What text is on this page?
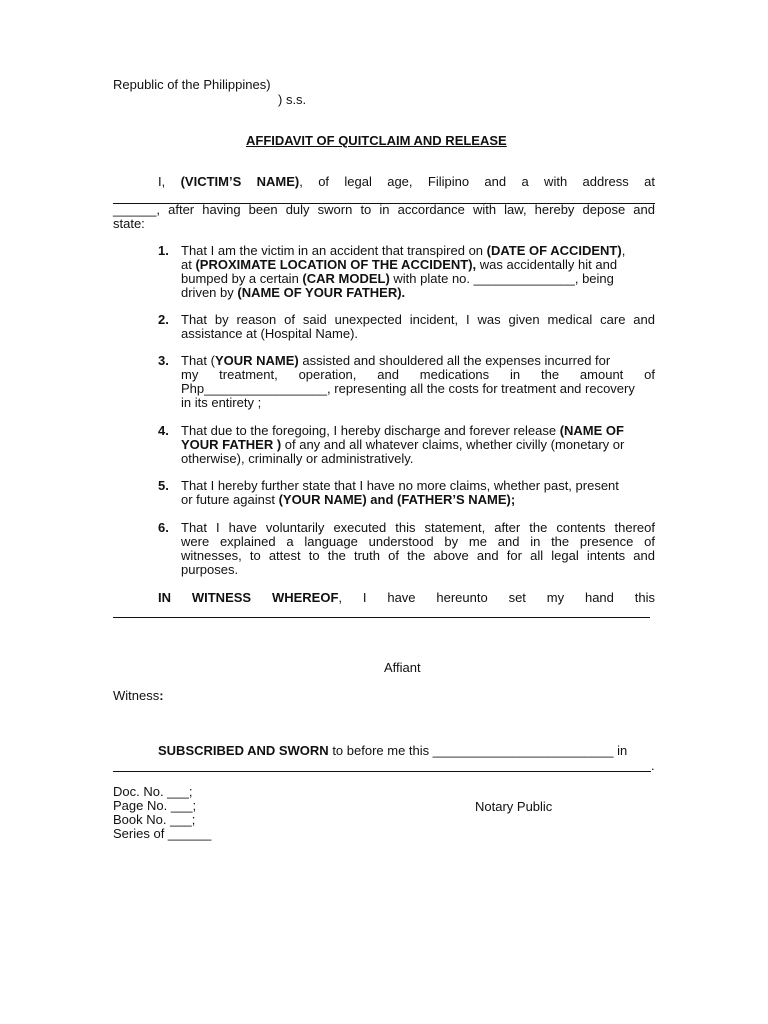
Republic of the Philippines)
) s.s.
AFFIDAVIT OF QUITCLAIM AND RELEASE
I, (VICTIM’S NAME), of legal age, Filipino and a with address at
______, after having been duly sworn to in accordance with law, hereby depose and
state:
1. That I am the victim in an accident that transpired on (DATE OF ACCIDENT),
at (PROXIMATE LOCATION OF THE ACCIDENT), was accidentally hit and
bumped by a certain (CAR MODEL) with plate no. ______________, being
driven by (NAME OF YOUR FATHER).
2. That by reason of said unexpected incident, I was given medical care and
assistance at (Hospital Name).
3. That (YOUR NAME) assisted and shouldered all the expenses incurred for
my treatment, operation, and medications in the amount of
Php_________________, representing all the costs for treatment and recovery
in its entirety ;
4. That due to the foregoing, I hereby discharge and forever release (NAME OF
YOUR FATHER ) of any and all whatever claims, whether civilly (monetary or
otherwise), criminally or administratively.
5. That I hereby further state that I have no more claims, whether past, present
or future against (YOUR NAME) and (FATHER’S NAME);
6. That I have voluntarily executed this statement, after the contents thereof
were explained a language understood by me and in the presence of
witnesses, to attest to the truth of the above and for all legal intents and
purposes.
IN WITNESS WHEREOF, I have hereunto set my hand this
Affiant
Witness:
SUBSCRIBED AND SWORN to before me this _________________________ in
.
Doc. No. ___;
Page No. ___;
Book No. ___;
Series of ______
Notary Public
